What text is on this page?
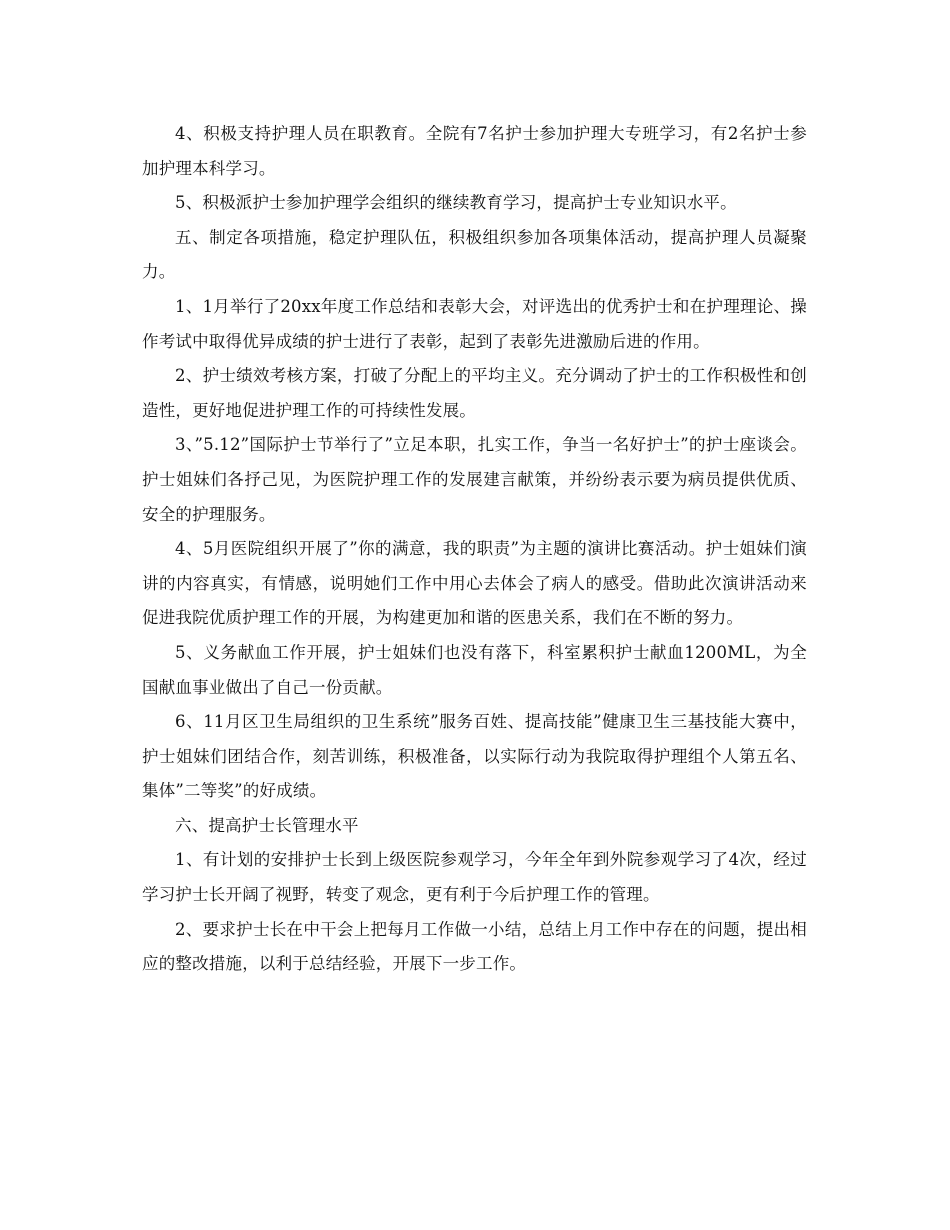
4、积极支持护理人员在职教育。全院有7名护士参加护理大专班学习，有2名护士参加护理本科学习。

5、积极派护士参加护理学会组织的继续教育学习，提高护士专业知识水平。

五、制定各项措施，稳定护理队伍，积极组织参加各项集体活动，提高护理人员凝聚力。

1、1月举行了20xx年度工作总结和表彰大会，对评选出的优秀护士和在护理理论、操作考试中取得优异成绩的护士进行了表彰，起到了表彰先进激励后进的作用。

2、护士绩效考核方案，打破了分配上的平均主义。充分调动了护士的工作积极性和创造性，更好地促进护理工作的可持续性发展。

3、”5.12”国际护士节举行了”立足本职，扎实工作，争当一名好护士”的护士座谈会。护士姐妹们各抒己见，为医院护理工作的发展建言献策，并纷纷表示要为病员提供优质、安全的护理服务。

4、5月医院组织开展了”你的满意，我的职责”为主题的演讲比赛活动。护士姐妹们演讲的内容真实，有情感，说明她们工作中用心去体会了病人的感受。借助此次演讲活动来促进我院优质护理工作的开展，为构建更加和谐的医患关系，我们在不断的努力。

5、义务献血工作开展，护士姐妹们也没有落下，科室累积护士献血1200ML，为全国献血事业做出了自己一份贡献。

6、11月区卫生局组织的卫生系统”服务百姓、提高技能”健康卫生三基技能大赛中，护士姐妹们团结合作，刻苦训练，积极准备，以实际行动为我院取得护理组个人第五名、集体”二等奖”的好成绩。

六、提高护士长管理水平

1、有计划的安排护士长到上级医院参观学习，今年全年到外院参观学习了4次，经过学习护士长开阔了视野，转变了观念，更有利于今后护理工作的管理。

2、要求护士长在中干会上把每月工作做一小结，总结上月工作中存在的问题，提出相应的整改措施，以利于总结经验，开展下一步工作。
